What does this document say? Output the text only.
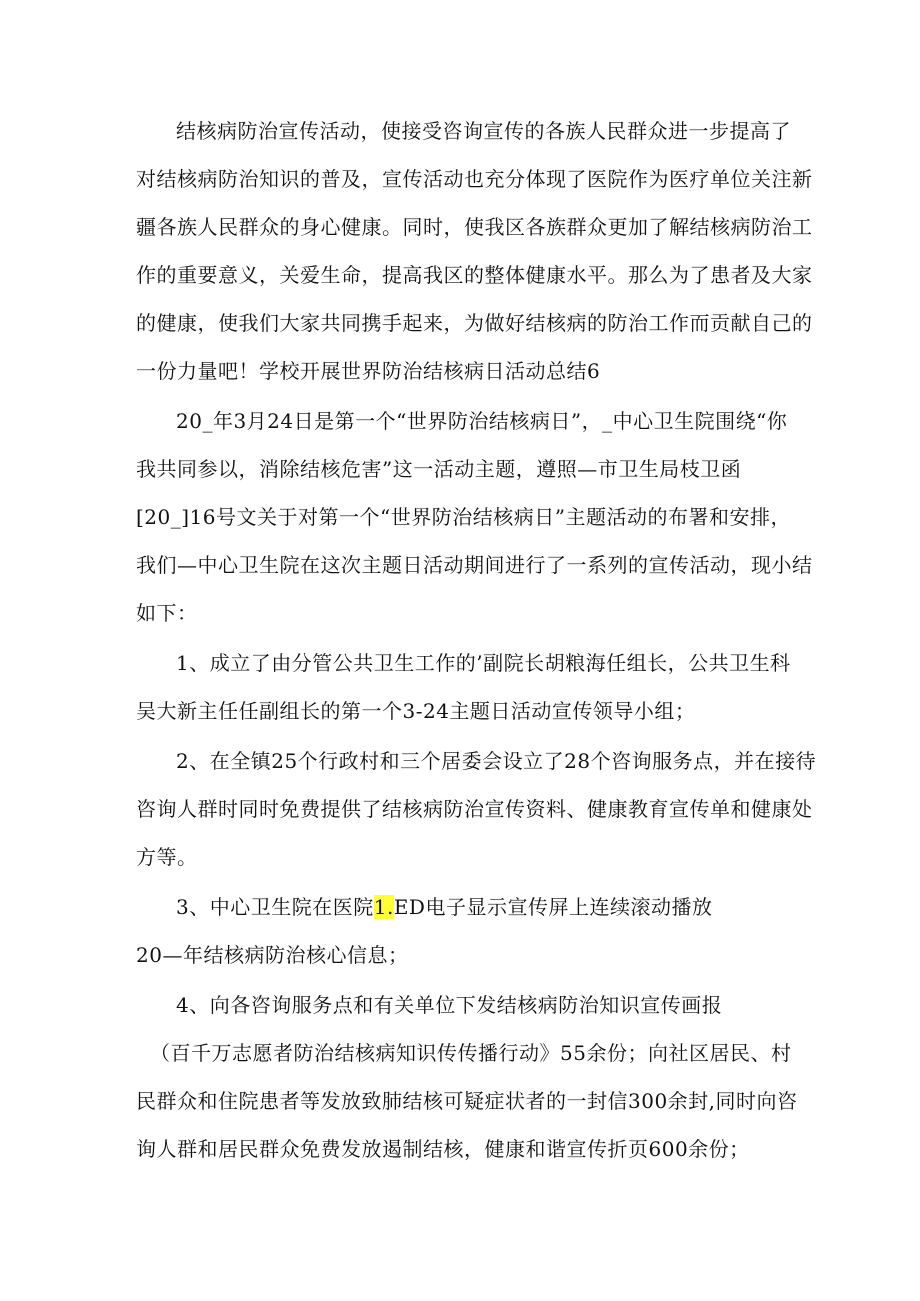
结核病防治宣传活动，使接受咨询宣传的各族人民群众进一步提高了
对结核病防治知识的普及，宣传活动也充分体现了医院作为医疗单位关注新
疆各族人民群众的身心健康。同时，使我区各族群众更加了解结核病防治工
作的重要意义，关爱生命，提高我区的整体健康水平。那么为了患者及大家
的健康，使我们大家共同携手起来，为做好结核病的防治工作而贡献自己的
一份力量吧！学校开展世界防治结核病日活动总结6
20_年3月24日是第一个“世界防治结核病日”，_中心卫生院围绕“你
我共同参以，消除结核危害”这一活动主题，遵照—市卫生局枝卫函
[20_]16号文关于对第一个“世界防治结核病日”主题活动的布署和安排，
我们—中心卫生院在这次主题日活动期间进行了一系列的宣传活动，现小结
如下：
1、成立了由分管公共卫生工作的’副院长胡粮海任组长，公共卫生科
吴大新主任任副组长的第一个3-24主题日活动宣传领导小组；
2、在全镇25个行政村和三个居委会设立了28个咨询服务点，并在接待
咨询人群时同时免费提供了结核病防治宣传资料、健康教育宣传单和健康处
方等。
3、中心卫生院在医院1.ED电子显示宣传屏上连续滚动播放
20—年结核病防治核心信息；
4、向各咨询服务点和有关单位下发结核病防治知识宣传画报
（百千万志愿者防治结核病知识传传播行动》55余份；向社区居民、村
民群众和住院患者等发放致肺结核可疑症状者的一封信300余封,同时向咨
询人群和居民群众免费发放遏制结核，健康和谐宣传折页600余份；
